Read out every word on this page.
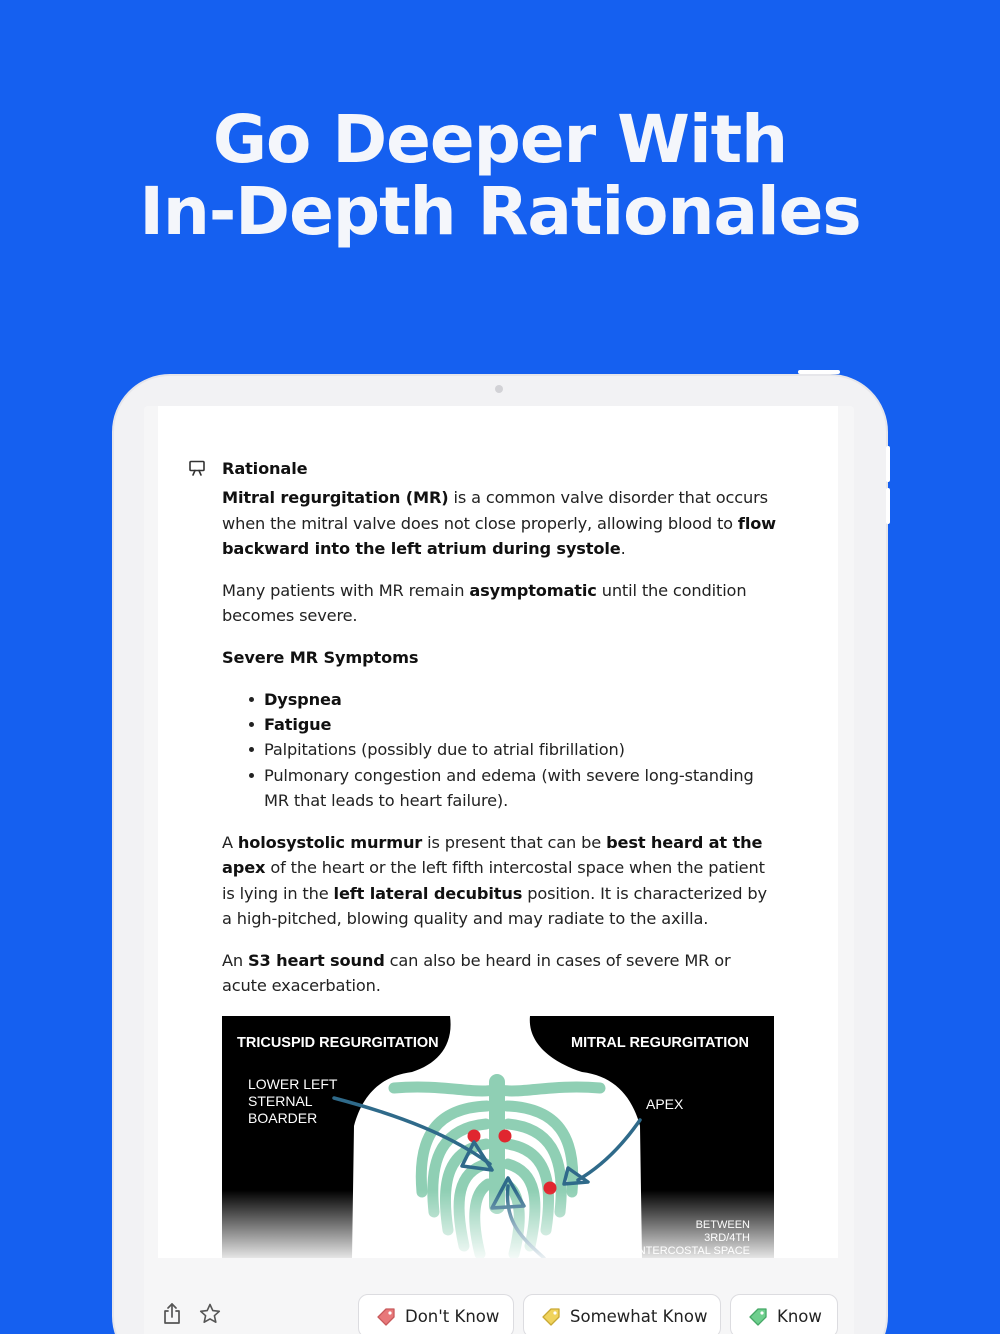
Go Deeper With
In-Depth Rationales

Rationale

Mitral regurgitation (MR) is a common valve disorder that occurs when the mitral valve does not close properly, allowing blood to flow backward into the left atrium during systole.

Many patients with MR remain asymptomatic until the condition becomes severe.

Severe MR Symptoms

Dyspnea
Fatigue
Palpitations (possibly due to atrial fibrillation)
Pulmonary congestion and edema (with severe long-standing MR that leads to heart failure).

A holosystolic murmur is present that can be best heard at the apex of the heart or the left fifth intercostal space when the patient is lying in the left lateral decubitus position. It is characterized by a high-pitched, blowing quality and may radiate to the axilla.

An S3 heart sound can also be heard in cases of severe MR or acute exacerbation.

TRICUSPID REGURGITATION	MITRAL REGURGITATION
LOWER LEFT
STERNAL
BOARDER
APEX
BETWEEN
3RD/4TH
INTERCOSTAL SPACE
Don't Know	Somewhat Know	Know
